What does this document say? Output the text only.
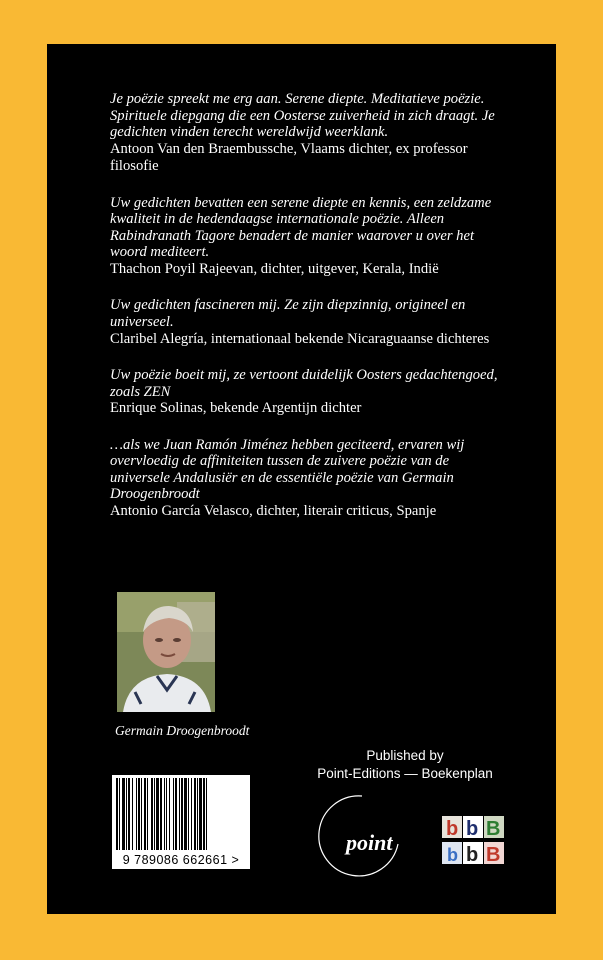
Je poëzie spreekt me erg aan. Serene diepte. Meditatieve poëzie. Spirituele diepgang die een Oosterse zuiverheid in zich draagt. Je gedichten vinden terecht wereldwijd weerklank.

Antoon Van den Braembussche, Vlaams dichter, ex professor filosofie

Uw gedichten bevatten een serene diepte en kennis, een zeldzame kwaliteit in de hedendaagse internationale poëzie. Alleen Rabindranath Tagore benadert de manier waarover u over het woord mediteert.

Thachon Poyil Rajeevan, dichter, uitgever, Kerala, Indië

Uw gedichten fascineren mij. Ze zijn diepzinnig, origineel en universeel.

Claribel Alegría, internationaal bekende Nicaraguaanse dichteres

Uw poëzie boeit mij, ze vertoont duidelijk Oosters gedachtengoed, zoals ZEN

Enrique Solinas, bekende Argentijn dichter

…als we Juan Ramón Jiménez hebben geciteerd, ervaren wij overvloedig de affiniteiten tussen de zuivere poëzie van de universele Andalusiër en de essentiële poëzie van Germain Droogenbroodt

Antonio García Velasco, dichter, literair criticus, Spanje

Germain Droogenbroodt
Published by
Point-Editions — Boekenplan
9 789086 662661 >
point
b b B
b b B
